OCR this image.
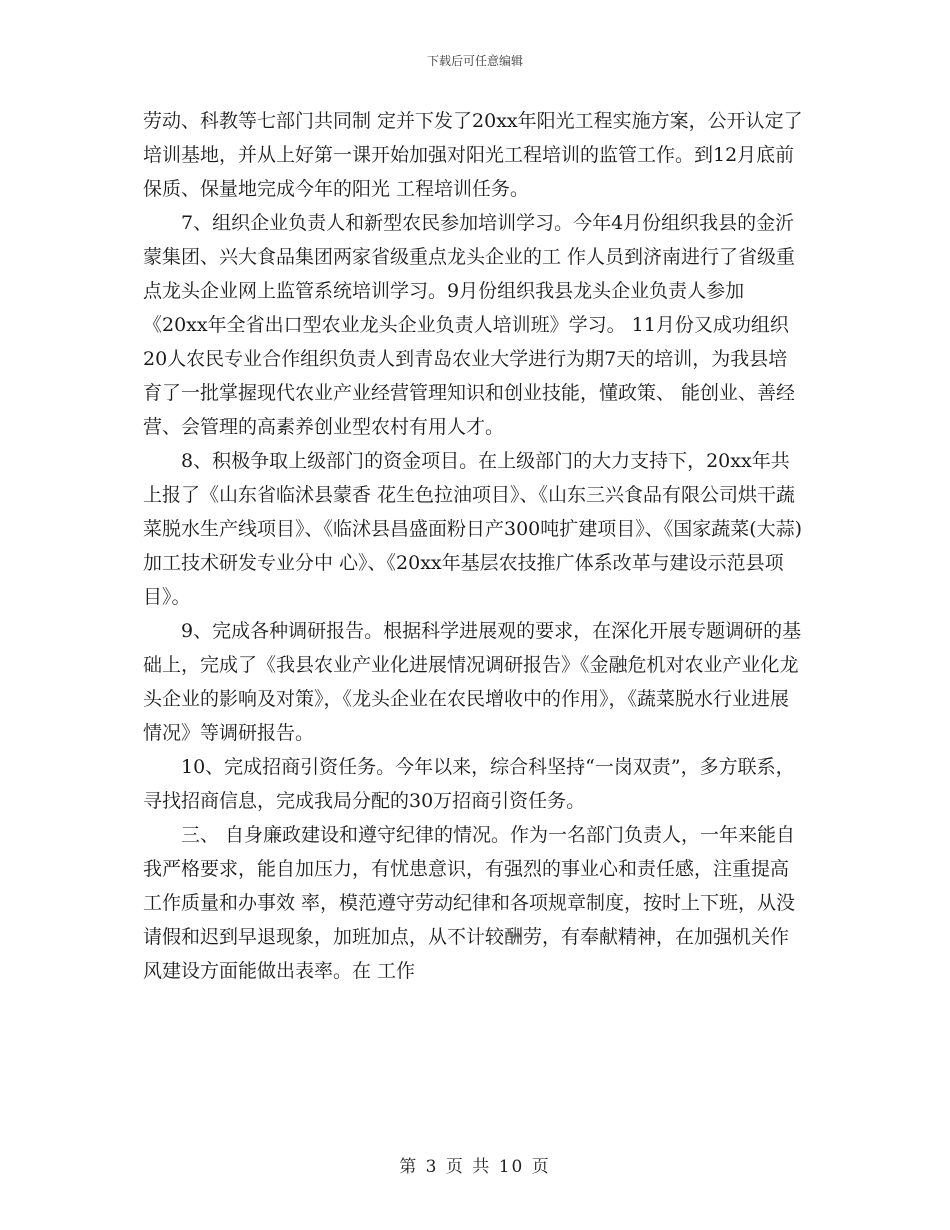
下载后可任意编辑

劳动、科教等七部门共同制 定并下发了20xx年阳光工程实施方案，公开认定了培训基地，并从上好第一课开始加强对阳光工程培训的监管工作。到12月底前保质、保量地完成今年的阳光 工程培训任务。

7、组织企业负责人和新型农民参加培训学习。今年4月份组织我县的金沂蒙集团、兴大食品集团两家省级重点龙头企业的工 作人员到济南进行了省级重点龙头企业网上监管系统培训学习。9月份组织我县龙头企业负责人参加《20xx年全省出口型农业龙头企业负责人培训班》学习。 11月份又成功组织20人农民专业合作组织负责人到青岛农业大学进行为期7天的培训，为我县培育了一批掌握现代农业产业经营管理知识和创业技能，懂政策、 能创业、善经营、会管理的高素养创业型农村有用人才。

8、积极争取上级部门的资金项目。在上级部门的大力支持下，20xx年共上报了《山东省临沭县蒙香 花生色拉油项目》、《山东三兴食品有限公司烘干蔬菜脱水生产线项目》、《临沭县昌盛面粉日产300吨扩建项目》、《国家蔬菜(大蒜)加工技术研发专业分中 心》、《20xx年基层农技推广体系改革与建设示范县项目》。

9、完成各种调研报告。根据科学进展观的要求，在深化开展专题调研的基础上，完成了《我县农业产业化进展情况调研报告》《金融危机对农业产业化龙头企业的影响及对策》，《龙头企业在农民增收中的作用》，《蔬菜脱水行业进展情况》等调研报告。

10、完成招商引资任务。今年以来，综合科坚持“一岗双责”，多方联系，寻找招商信息，完成我局分配的30万招商引资任务。

三、 自身廉政建设和遵守纪律的情况。作为一名部门负责人，一年来能自我严格要求，能自加压力，有忧患意识，有强烈的事业心和责任感，注重提高工作质量和办事效 率，模范遵守劳动纪律和各项规章制度，按时上下班，从没请假和迟到早退现象，加班加点，从不计较酬劳，有奉献精神，在加强机关作风建设方面能做出表率。在 工作

第 3 页 共 10 页
